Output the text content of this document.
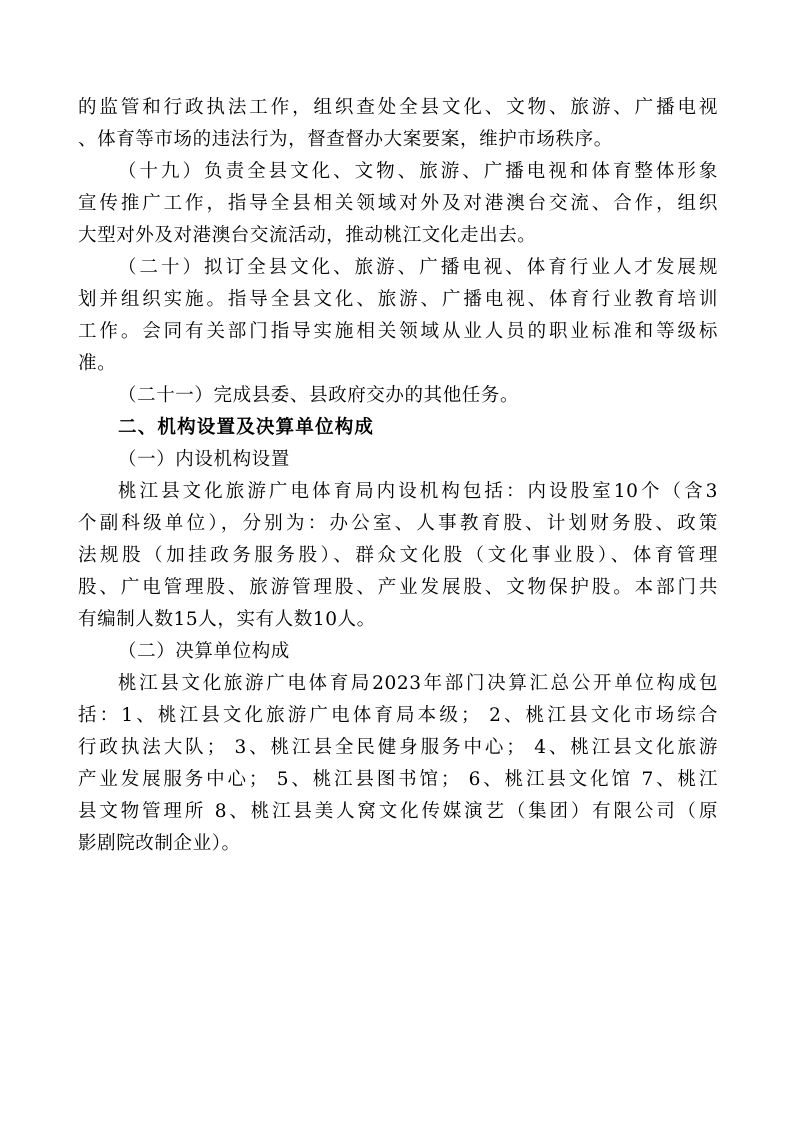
的监管和行政执法工作，组织查处全县文化、文物、旅游、广播电视
、体育等市场的违法行为，督查督办大案要案，维护市场秩序。
（十九）负责全县文化、文物、旅游、广播电视和体育整体形象
宣传推广工作，指导全县相关领域对外及对港澳台交流、合作，组织
大型对外及对港澳台交流活动，推动桃江文化走出去。
（二十）拟订全县文化、旅游、广播电视、体育行业人才发展规
划并组织实施。指导全县文化、旅游、广播电视、体育行业教育培训
工作。会同有关部门指导实施相关领域从业人员的职业标准和等级标
准。
（二十一）完成县委、县政府交办的其他任务。
二、机构设置及决算单位构成
（一）内设机构设置
桃江县文化旅游广电体育局内设机构包括：内设股室10个（含3
个副科级单位），分别为：办公室、人事教育股、计划财务股、政策
法规股（加挂政务服务股）、群众文化股（文化事业股）、体育管理
股、广电管理股、旅游管理股、产业发展股、文物保护股。本部门共
有编制人数15人，实有人数10人。
（二）决算单位构成
桃江县文化旅游广电体育局2023年部门决算汇总公开单位构成包
括：1、桃江县文化旅游广电体育局本级； 2、桃江县文化市场综合
行政执法大队； 3、桃江县全民健身服务中心； 4、桃江县文化旅游
产业发展服务中心； 5、桃江县图书馆； 6、桃江县文化馆 7、桃江
县文物管理所 8、桃江县美人窝文化传媒演艺（集团）有限公司（原
影剧院改制企业）。
